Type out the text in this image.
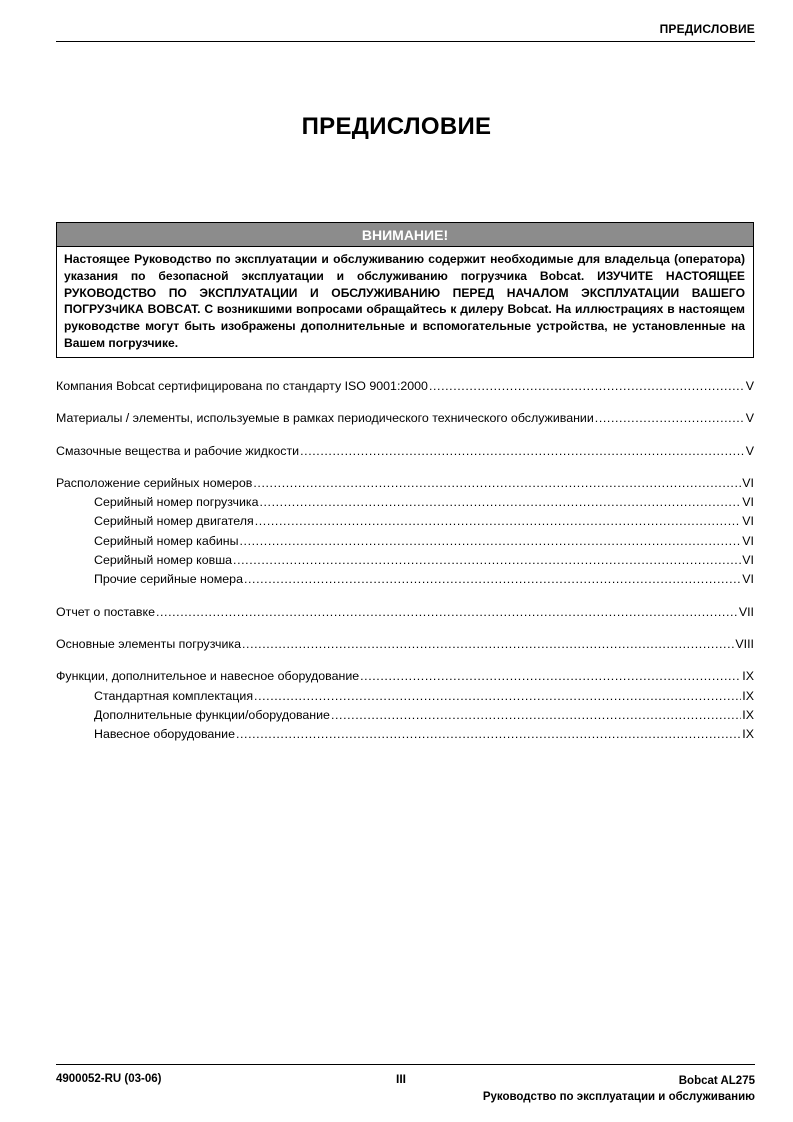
ПРЕДИСЛОВИЕ
ПРЕДИСЛОВИЕ
ВНИМАНИЕ!
Настоящее Руководство по эксплуатации и обслуживанию содержит необходимые для владельца (оператора) указания по безопасной эксплуатации и обслуживанию погрузчика Bobcat. ИЗУЧИТЕ НАСТОЯЩЕЕ РУКОВОДСТВО ПО ЭКСПЛУАТАЦИИ И ОБСЛУЖИВАНИЮ ПЕРЕД НАЧАЛОМ ЭКСПЛУАТАЦИИ ВАШЕГО ПОГРУЗчИКА BOBCAT. С возникшими вопросами обращайтесь к дилеру Bobcat. На иллюстрациях в настоящем руководстве могут быть изображены дополнительные и вспомогательные устройства, не установленные на Вашем погрузчике.
Компания Bobcat сертифицирована по стандарту ISO 9001:2000 .....	V
Материалы / элементы, используемые в рамках периодического технического обслуживании .....	V
Смазочные вещества и рабочие жидкости .....	V
Расположение серийных номеров .....	VI
Серийный номер погрузчика .....	VI
Серийный номер двигателя .....	VI
Серийный номер кабины .....	VI
Серийный номер ковша .....	VI
Прочие серийные номера .....	VI
Отчет о поставке .....	VII
Основные элементы погрузчика .....	VIII
Функции, дополнительное и навесное оборудование .....	IX
Стандартная комплектация .....	IX
Дополнительные функции/оборудование .....	IX
Навесное оборудование .....	IX
4900052-RU (03-06)	III	Bobcat AL275
Руководство по эксплуатации и обслуживанию
